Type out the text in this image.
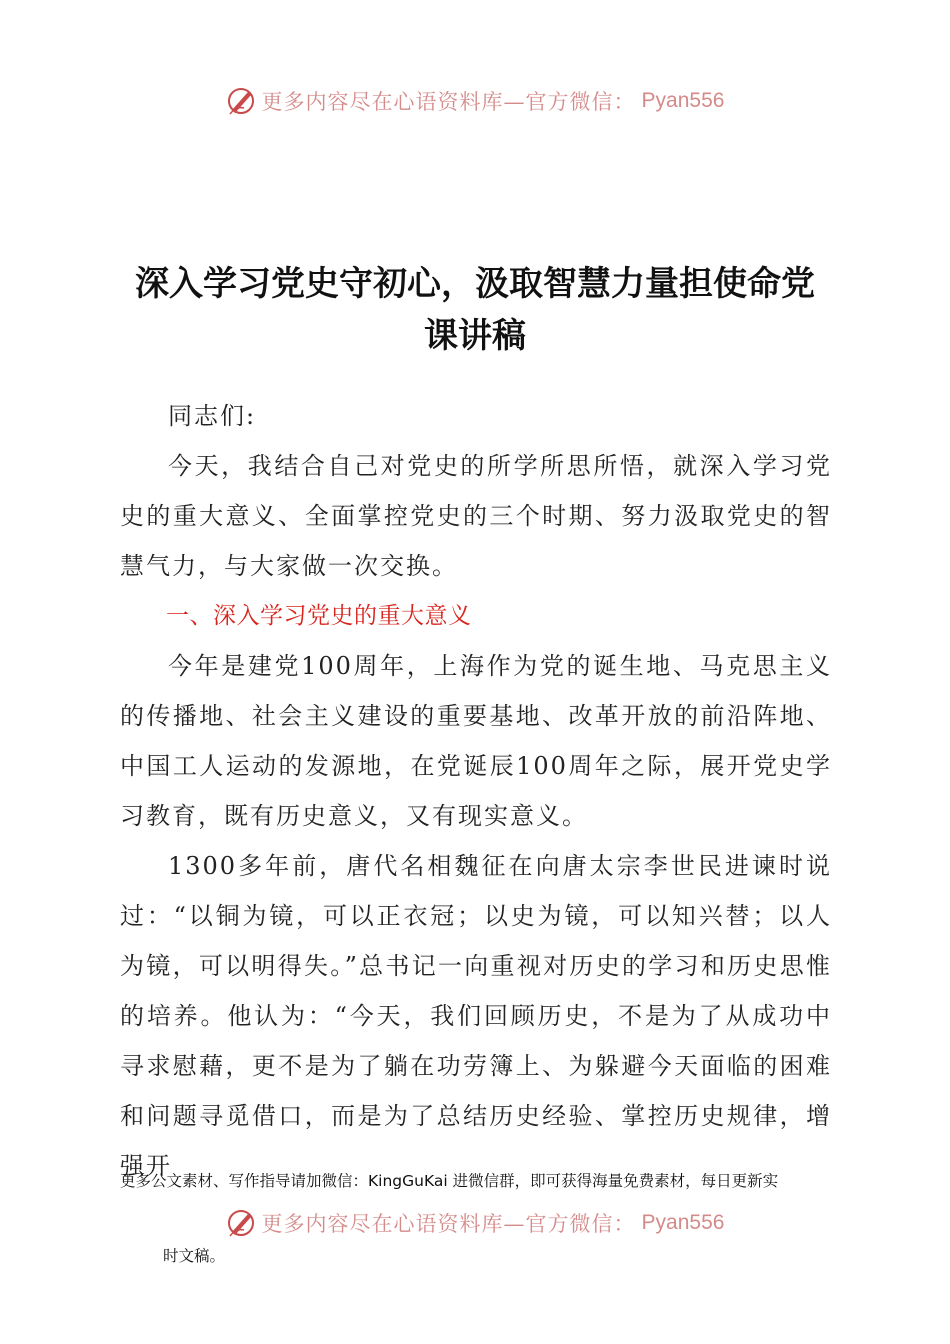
更多内容尽在心语资料库—官方微信： Pyan556
深入学习党史守初心，汲取智慧力量担使命党
课讲稿

同志们:

今天，我结合自己对党史的所学所思所悟，就深入学习党史的重大意义、全面掌控党史的三个时期、努力汲取党史的智慧气力，与大家做一次交换。

一、深入学习党史的重大意义

今年是建党100周年，上海作为党的诞生地、马克思主义的传播地、社会主义建设的重要基地、改革开放的前沿阵地、中国工人运动的发源地，在党诞辰100周年之际，展开党史学习教育，既有历史意义，又有现实意义。

1300多年前，唐代名相魏征在向唐太宗李世民进谏时说过：“以铜为镜，可以正衣冠；以史为镜，可以知兴替；以人为镜，可以明得失。”总书记一向重视对历史的学习和历史思惟的培养。他认为：“今天，我们回顾历史，不是为了从成功中寻求慰藉，更不是为了躺在功劳簿上、为躲避今天面临的困难和问题寻觅借口，而是为了总结历史经验、掌控历史规律，增强开

更多公文素材、写作指导请加微信：KingGuKai 进微信群，即可获得海量免费素材，每日更新实
更多内容尽在心语资料库—官方微信： Pyan556
时文稿。
